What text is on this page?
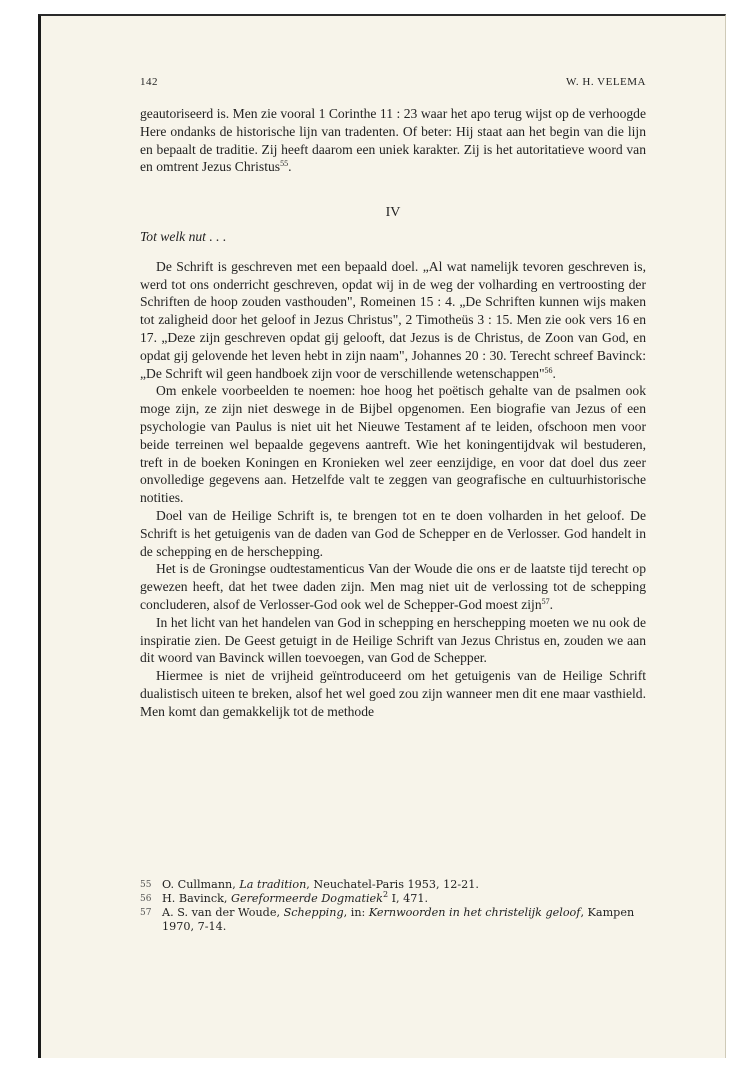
142	W. H. VELEMA

geautoriseerd is. Men zie vooral 1 Corinthe 11 : 23 waar het apo terug wijst op de verhoogde Here ondanks de historische lijn van tradenten. Of beter: Hij staat aan het begin van die lijn en bepaalt de traditie. Zij heeft daarom een uniek karakter. Zij is het autoritatieve woord van en omtrent Jezus Christus$^{55}$.

IV
Tot welk nut . . .

De Schrift is geschreven met een bepaald doel. „Al wat namelijk tevoren geschreven is, werd tot ons onderricht geschreven, opdat wij in de weg der volharding en vertroosting der Schriften de hoop zouden vasthouden", Romeinen 15 : 4. „De Schriften kunnen wijs maken tot zaligheid door het geloof in Jezus Christus", 2 Timotheüs 3 : 15. Men zie ook vers 16 en 17. „Deze zijn geschreven opdat gij gelooft, dat Jezus is de Christus, de Zoon van God, en opdat gij gelovende het leven hebt in zijn naam", Johannes 20 : 30. Terecht schreef Bavinck: „De Schrift wil geen handboek zijn voor de verschillende wetenschappen"$^{56}$.

Om enkele voorbeelden te noemen: hoe hoog het poëtisch gehalte van de psalmen ook moge zijn, ze zijn niet deswege in de Bijbel opgenomen. Een biografie van Jezus of een psychologie van Paulus is niet uit het Nieuwe Testament af te leiden, ofschoon men voor beide terreinen wel bepaalde gegevens aantreft. Wie het koningentijdvak wil bestuderen, treft in de boeken Koningen en Kronieken wel zeer eenzijdige, en voor dat doel dus zeer onvolledige gegevens aan. Hetzelfde valt te zeggen van geografische en cultuurhistorische notities.

Doel van de Heilige Schrift is, te brengen tot en te doen volharden in het geloof. De Schrift is het getuigenis van de daden van God de Schepper en de Verlosser. God handelt in de schepping en de herschepping.

Het is de Groningse oudtestamenticus Van der Woude die ons er de laatste tijd terecht op gewezen heeft, dat het twee daden zijn. Men mag niet uit de verlossing tot de schepping concluderen, alsof de Verlosser-God ook wel de Schepper-God moest zijn$^{57}$.

In het licht van het handelen van God in schepping en herschepping moeten we nu ook de inspiratie zien. De Geest getuigt in de Heilige Schrift van Jezus Christus en, zouden we aan dit woord van Bavinck willen toevoegen, van God de Schepper.

Hiermee is niet de vrijheid geïntroduceerd om het getuigenis van de Heilige Schrift dualistisch uiteen te breken, alsof het wel goed zou zijn wanneer men dit ene maar vasthield. Men komt dan gemakkelijk tot de methode

55 O. Cullmann, La tradition, Neuchatel-Paris 1953, 12-21.
56 H. Bavinck, Gereformeerde Dogmatiek$^2$ I, 471.
57 A. S. van der Woude, Schepping, in: Kernwoorden in het christelijk geloof, Kampen 1970, 7-14.
